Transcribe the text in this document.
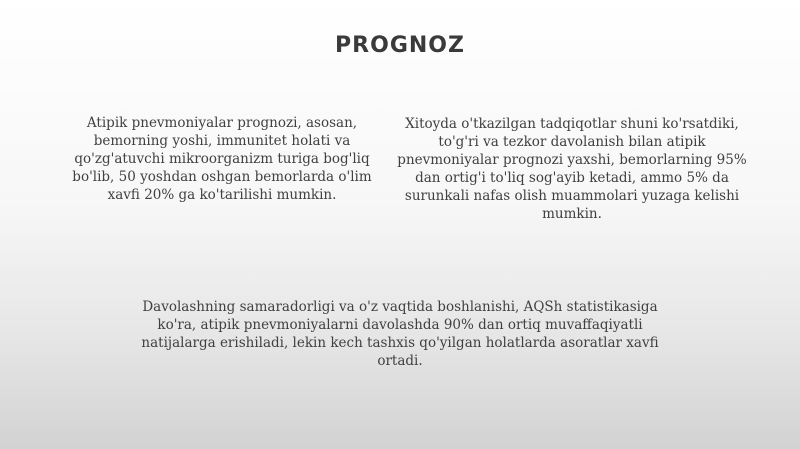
PROGNOZ

Atipik pnevmoniyalar prognozi, asosan, bemorning yoshi, immunitet holati va qo'zg'atuvchi mikroorganizm turiga bog'liq bo'lib, 50 yoshdan oshgan bemorlarda o'lim xavfi 20% ga ko'tarilishi mumkin.

Xitoyda o'tkazilgan tadqiqotlar shuni ko'rsatdiki, to'g'ri va tezkor davolanish bilan atipik pnevmoniyalar prognozi yaxshi, bemorlarning 95% dan ortig'i to'liq sog'ayib ketadi, ammo 5% da surunkali nafas olish muammolari yuzaga kelishi mumkin.

Davolashning samaradorligi va o'z vaqtida boshlanishi, AQSh statistikasiga ko'ra, atipik pnevmoniyalarni davolashda 90% dan ortiq muvaffaqiyatli natijalarga erishiladi, lekin kech tashxis qo'yilgan holatlarda asoratlar xavfi ortadi.
